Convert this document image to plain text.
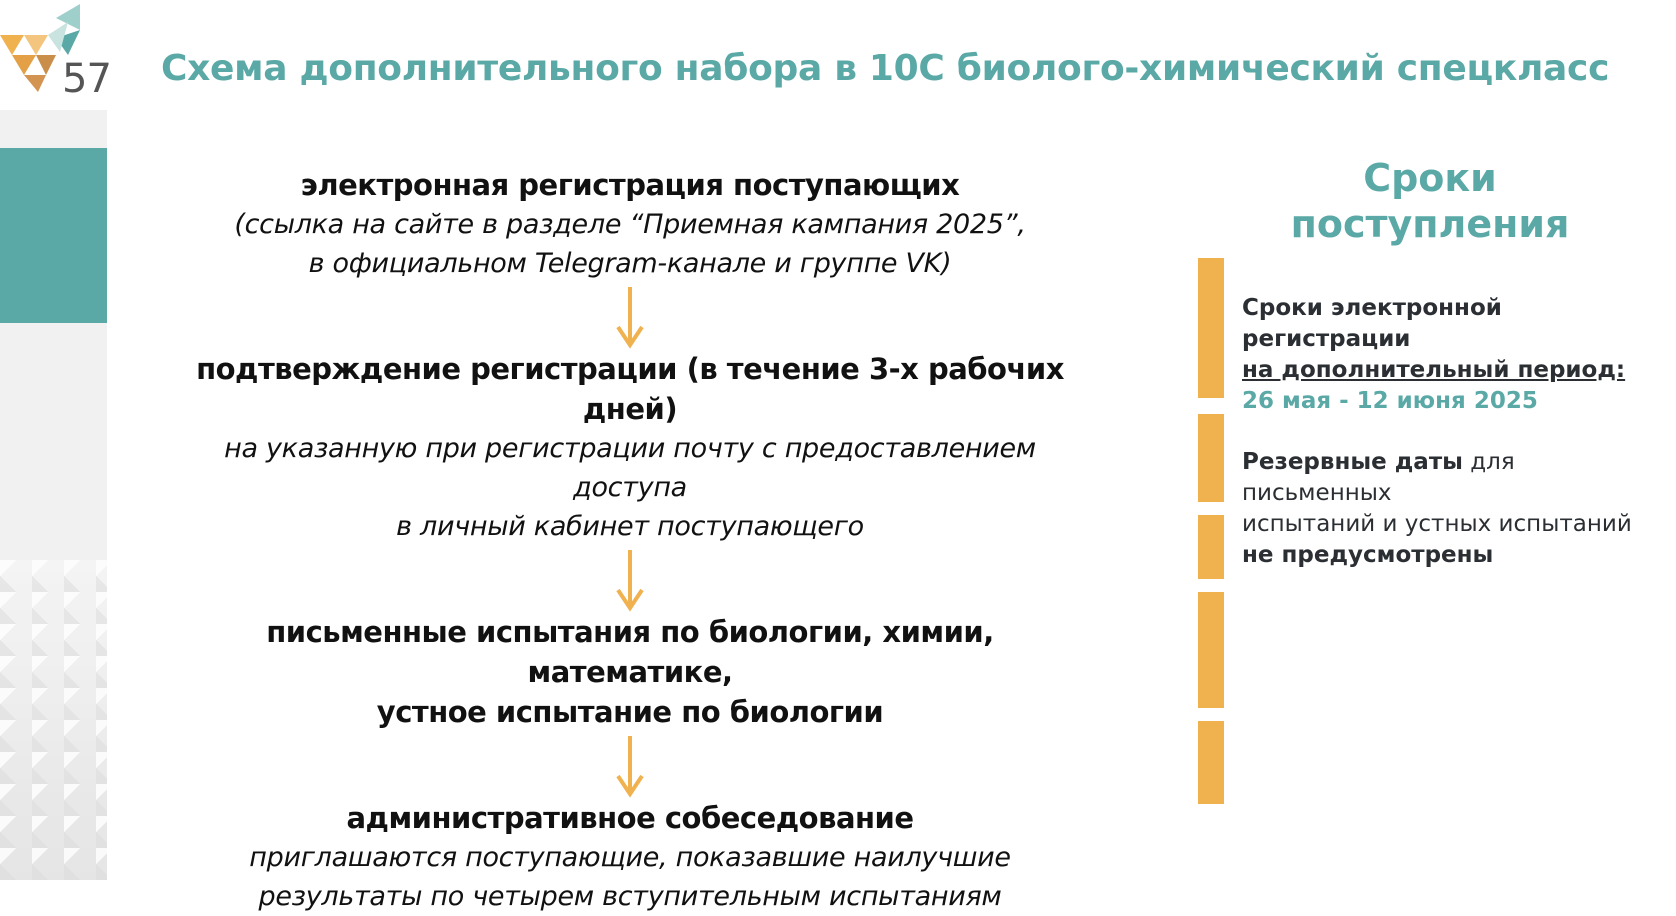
57 Схема дополнительного набора в 10С биолого-химический спецкласс
электронная регистрация поступающих
(ссылка на сайте в разделе “Приемная кампания 2025”,
в официальном Telegram-канале и группе VK)
подтверждение регистрации (в течение 3-х рабочих дней)
на указанную при регистрации почту с предоставлением доступа
в личный кабинет поступающего
письменные испытания по биологии, химии, математике,
устное испытание по биологии
административное собеседование
приглашаются поступающие, показавшие наилучшие
результаты по четырем вступительным испытаниям
Сроки
поступления
Сроки электронной регистрации
на дополнительный период:
26 мая - 12 июня 2025
Резервные даты для письменных
испытаний и устных испытаний
не предусмотрены
